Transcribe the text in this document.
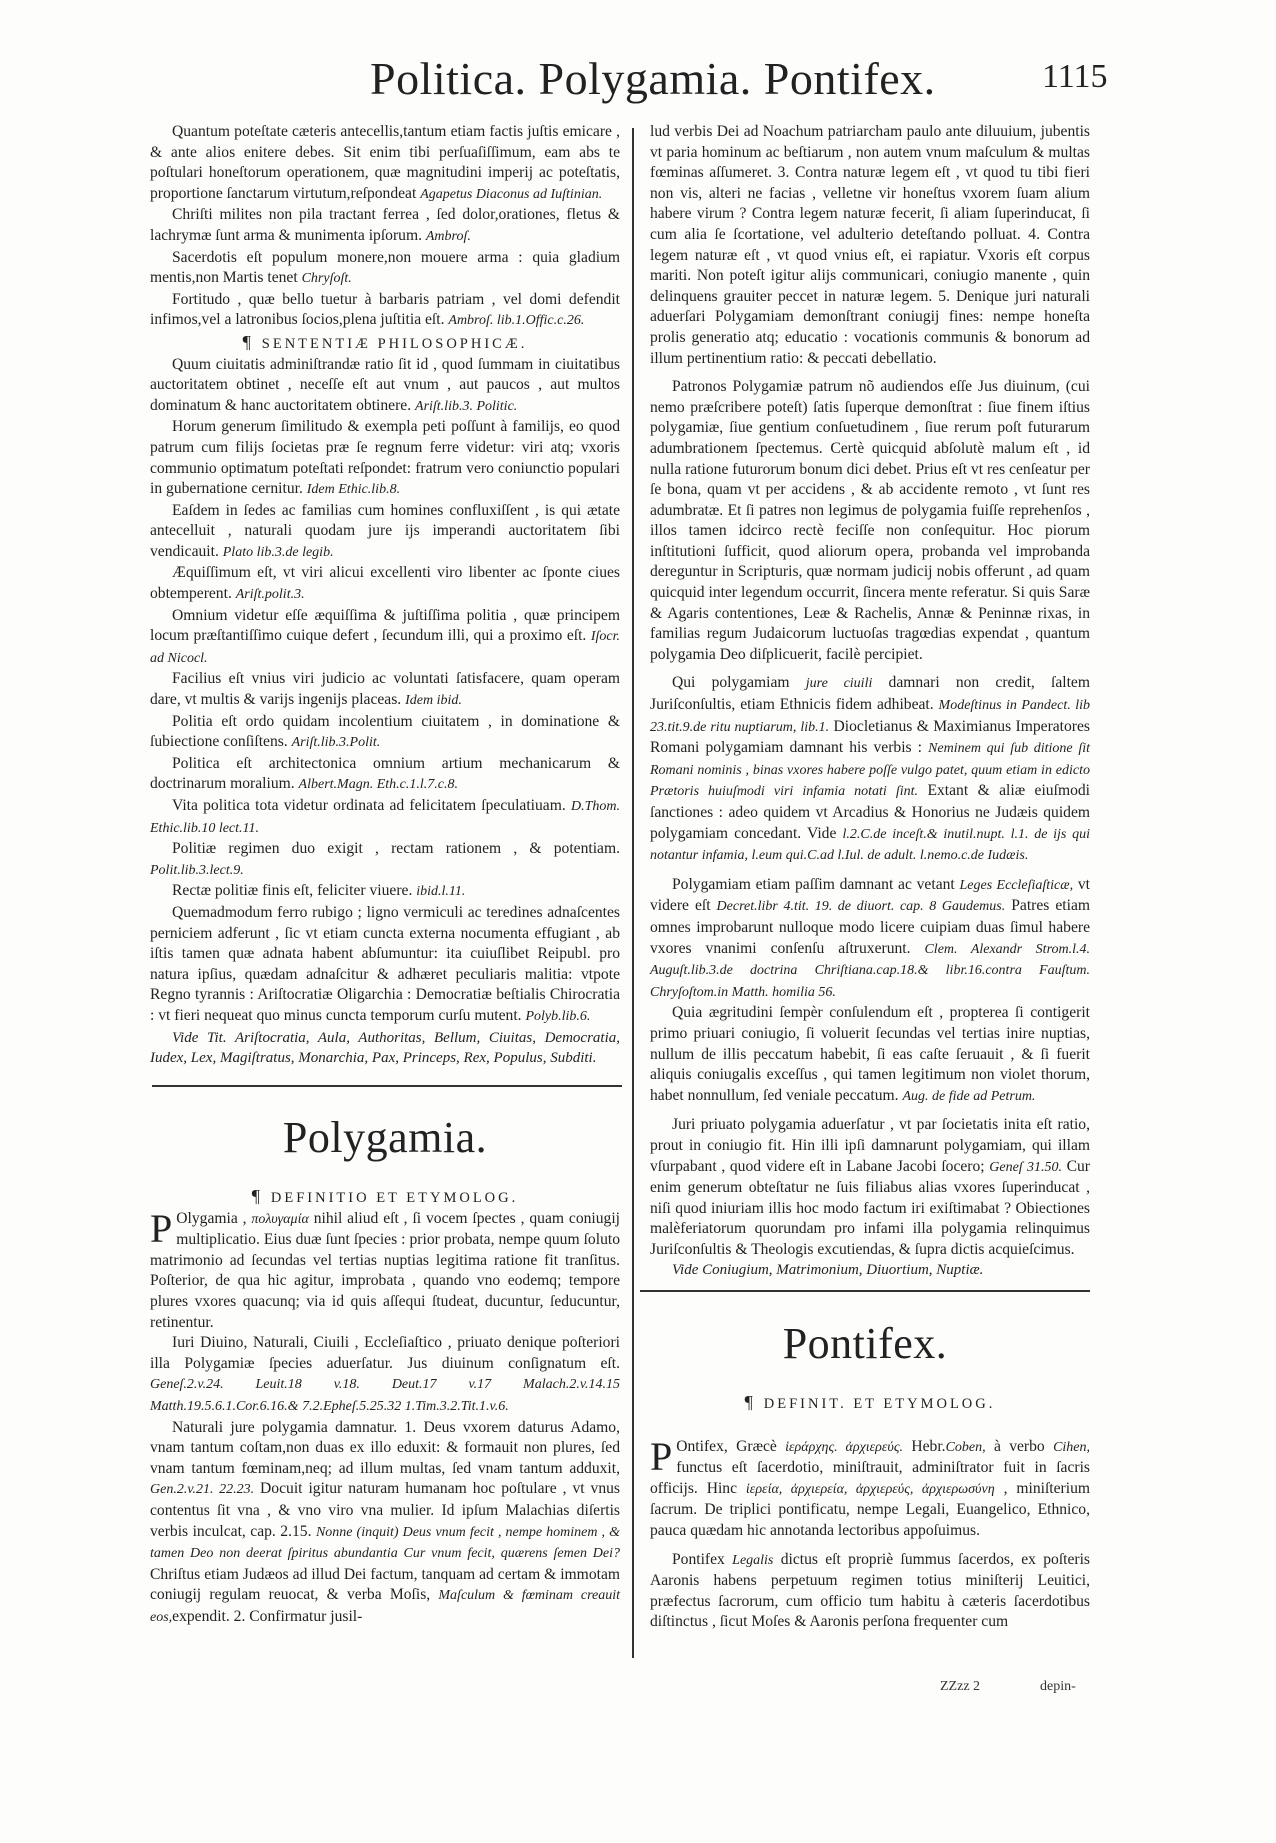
Politica. Polygamia. Pontifex.	1115

Quantum poteſtate cæteris antecellis,tantum etiam factis juſtis emicare , & ante alios enitere debes. Sit enim tibi perſuaſiſſimum, eam abs te poſtulari honeſtorum operationem, quæ magnitudini imperij ac poteſtatis, proportione ſanctarum virtutum,reſpondeat Agapetus Diaconus ad Iuſtinian.

Chriſti milites non pila tractant ferrea , ſed dolor,orationes, fletus & lachrymæ ſunt arma & munimenta ipſorum. Ambroſ.

Sacerdotis eſt populum monere,non mouere arma : quia gladium mentis,non Martis tenet Chryſoſt.

Fortitudo , quæ bello tuetur à barbaris patriam , vel domi defendit infimos,vel a latronibus ſocios,plena juſtitia eſt. Ambroſ. lib.1.Offic.c.26.

¶ SENTENTIÆ PHILOSOPHICÆ.

Quum ciuitatis adminiſtrandæ ratio ſit id , quod ſummam in ciuitatibus auctoritatem obtinet , neceſſe eſt aut vnum , aut paucos , aut multos dominatum & hanc auctoritatem obtinere. Ariſt.lib.3. Politic.

Horum generum ſimilitudo & exempla peti poſſunt à familijs, eo quod patrum cum filijs ſocietas præ ſe regnum ferre videtur: viri atq; vxoris communio optimatum poteſtati reſpondet: fratrum vero coniunctio populari in gubernatione cernitur. Idem Ethic.lib.8.

Eaſdem in ſedes ac familias cum homines confluxiſſent , is qui ætate antecelluit , naturali quodam jure ijs imperandi auctoritatem ſibi vendicauit. Plato lib.3.de legib.

Æquiſſimum eſt, vt viri alicui excellenti viro libenter ac ſponte ciues obtemperent. Ariſt.polit.3.

Omnium videtur eſſe æquiſſima & juſtiſſima politia , quæ principem locum præſtantiſſimo cuique defert , ſecundum illi, qui a proximo eſt. Iſocr. ad Nicocl.

Facilius eſt vnius viri judicio ac voluntati ſatisfacere, quam operam dare, vt multis & varijs ingenijs placeas. Idem ibid.

Politia eſt ordo quidam incolentium ciuitatem , in dominatione & ſubiectione conſiſtens. Ariſt.lib.3.Polit.

Politica eſt architectonica omnium artium mechanicarum & doctrinarum moralium. Albert.Magn. Eth.c.1.l.7.c.8.

Vita politica tota videtur ordinata ad felicitatem ſpeculatiuam. D.Thom. Ethic.lib.10 lect.11.

Politiæ regimen duo exigit , rectam rationem , & potentiam. Polit.lib.3.lect.9.

Rectæ politiæ finis eſt, feliciter viuere. ibid.l.11.

Quemadmodum ferro rubigo ; ligno vermiculi ac teredines adnaſcentes perniciem adferunt , ſic vt etiam cuncta externa nocumenta effugiant , ab iſtis tamen quæ adnata habent abſumuntur: ita cuiuſlibet Reipubl. pro natura ipſius, quædam adnaſcitur & adhæret peculiaris malitia: vtpote Regno tyrannis : Ariſtocratiæ Oligarchia : Democratiæ beſtialis Chirocratia : vt fieri nequeat quo minus cuncta temporum curſu mutent. Polyb.lib.6.

Vide Tit. Ariſtocratia, Aula, Authoritas, Bellum, Ciuitas, Democratia, Iudex, Lex, Magiſtratus, Monarchia, Pax, Princeps, Rex, Populus, Subditi.

Polygamia.

¶ DEFINITIO ET ETYMOLOG.

P Olygamia , πολυγαμία nihil aliud eſt , ſi vocem ſpectes , quam coniugij multiplicatio. Eius duæ ſunt ſpecies : prior probata, nempe quum ſoluto matrimonio ad ſecundas vel tertias nuptias legitima ratione fit tranſitus. Poſterior, de qua hic agitur, improbata , quando vno eodemq; tempore plures vxores quacunq; via id quis aſſequi ſtudeat, ducuntur, ſeducuntur, retinentur.

Iuri Diuino, Naturali, Ciuili , Eccleſiaſtico , priuato denique poſteriori illa Polygamiæ ſpecies aduerſatur. Jus diuinum conſignatum eſt. Geneſ.2.v.24. Leuit.18 v.18. Deut.17 v.17 Malach.2.v.14.15 Matth.19.5.6.1.Cor.6.16.& 7.2.Epheſ.5.25.32 1.Tim.3.2.Tit.1.v.6.

Naturali jure polygamia damnatur. 1. Deus vxorem daturus Adamo, vnam tantum coſtam,non duas ex illo eduxit: & formauit non plures, ſed vnam tantum fœminam,neq; ad illum multas, ſed vnam tantum adduxit, Gen.2.v.21. 22.23. Docuit igitur naturam humanam hoc poſtulare , vt vnus contentus ſit vna , & vno viro vna mulier. Id ipſum Malachias diſertis verbis inculcat, cap. 2.15. Nonne (inquit) Deus vnum fecit , nempe hominem , & tamen Deo non deerat ſpiritus abundantia Cur vnum fecit, quærens ſemen Dei? Chriſtus etiam Judæos ad illud Dei factum, tanquam ad certam & immotam coniugij regulam reuocat, & verba Moſis, Maſculum & fœminam creauit eos,expendit. 2. Confirmatur jusil-

lud verbis Dei ad Noachum patriarcham paulo ante diluuium, jubentis vt paria hominum ac beſtiarum , non autem vnum maſculum & multas fœminas aſſumeret. 3. Contra naturæ legem eſt , vt quod tu tibi fieri non vis, alteri ne facias , velletne vir honeſtus vxorem ſuam alium habere virum ? Contra legem naturæ fecerit, ſi aliam ſuperinducat, ſi cum alia ſe ſcortatione, vel adulterio deteſtando polluat. 4. Contra legem naturæ eſt , vt quod vnius eſt, ei rapiatur. Vxoris eſt corpus mariti. Non poteſt igitur alijs communicari, coniugio manente , quin delinquens grauiter peccet in naturæ legem. 5. Denique juri naturali aduerſari Polygamiam demonſtrant coniugij fines: nempe honeſta prolis generatio atq; educatio : vocationis communis & bonorum ad illum pertinentium ratio: & peccati debellatio.

Patronos Polygamiæ patrum nõ audiendos eſſe Jus diuinum, (cui nemo præſcribere poteſt) ſatis ſuperque demonſtrat : ſiue finem iſtius polygamiæ, ſiue gentium conſuetudinem , ſiue rerum poſt futurarum adumbrationem ſpectemus. Certè quicquid abſolutè malum eſt , id nulla ratione futurorum bonum dici debet. Prius eſt vt res cenſeatur per ſe bona, quam vt per accidens , & ab accidente remoto , vt ſunt res adumbratæ. Et ſi patres non legimus de polygamia fuiſſe reprehenſos , illos tamen idcirco rectè feciſſe non conſequitur. Hoc piorum inſtitutioni ſufficit, quod aliorum opera, probanda vel improbanda dereguntur in Scripturis, quæ normam judicij nobis offerunt , ad quam quicquid inter legendum occurrit, ſincera mente referatur. Si quis Saræ & Agaris contentiones, Leæ & Rachelis, Annæ & Peninnæ rixas, in familias regum Judaicorum luctuoſas tragœdias expendat , quantum polygamia Deo diſplicuerit, facilè percipiet.

Qui polygamiam jure ciuili damnari non credit, ſaltem Juriſconſultis, etiam Ethnicis fidem adhibeat. Modeſtinus in Pandect. lib 23.tit.9.de ritu nuptiarum, lib.1. Diocletianus & Maximianus Imperatores Romani polygamiam damnant his verbis : Neminem qui ſub ditione ſit Romani nominis , binas vxores habere poſſe vulgo patet, quum etiam in edicto Prætoris huiuſmodi viri infamia notati ſint. Extant & aliæ eiuſmodi ſanctiones : adeo quidem vt Arcadius & Honorius ne Judæis quidem polygamiam concedant. Vide l.2.C.de inceſt.& inutil.nupt. l.1. de ijs qui notantur infamia, l.eum qui.C.ad l.Iul. de adult. l.nemo.c.de Iudæis.

Polygamiam etiam paſſim damnant ac vetant Leges Eccleſiaſticæ, vt videre eſt Decret.libr 4.tit. 19. de diuort. cap. 8 Gaudemus. Patres etiam omnes improbarunt nulloque modo licere cuipiam duas ſimul habere vxores vnanimi conſenſu aſtruxerunt. Clem. Alexandr Strom.l.4. Auguſt.lib.3.de doctrina Chriſtiana.cap.18.& libr.16.contra Fauſtum. Chryſoſtom.in Matth. homilia 56.

Quia ægritudini ſempèr conſulendum eſt , propterea ſi contigerit primo priuari coniugio, ſi voluerit ſecundas vel tertias inire nuptias, nullum de illis peccatum habebit, ſi eas caſte ſeruauit , & ſi fuerit aliquis coniugalis exceſſus , qui tamen legitimum non violet thorum, habet nonnullum, ſed veniale peccatum. Aug. de fide ad Petrum.

Juri priuato polygamia aduerſatur , vt par ſocietatis inita eſt ratio, prout in coniugio fit. Hin illi ipſi damnarunt polygamiam, qui illam vſurpabant , quod videre eſt in Labane Jacobi ſocero; Geneſ 31.50. Cur enim generum obteſtatur ne ſuis filiabus alias vxores ſuperinducat , niſi quod iniuriam illis hoc modo factum iri exiſtimabat ? Obiectiones malèferiatorum quorundam pro infami illa polygamia relinquimus Juriſconſultis & Theologis excutiendas, & ſupra dictis acquieſcimus.

Vide Coniugium, Matrimonium, Diuortium, Nuptiæ.

Pontifex.

¶ DEFINIT. ET ETYMOLOG.

P Ontifex, Græcè ἱεράρχης. ἀρχιερεύς. Hebr.Coben, à verbo Cihen, functus eſt ſacerdotio, miniſtrauit, adminiſtrator fuit in ſacris officijs. Hinc ἱερεία, ἀρχιερεία, ἀρχιερεύς, ἀρχιερωσύνη , miniſterium ſacrum. De triplici pontificatu, nempe Legali, Euangelico, Ethnico, pauca quædam hic annotanda lectoribus appoſuimus.

Pontifex Legalis dictus eſt propriè ſummus ſacerdos, ex poſteris Aaronis habens perpetuum regimen totius miniſterij Leuitici, præfectus ſacrorum, cum officio tum habitu à cæteris ſacerdotibus diſtinctus , ſicut Moſes & Aaronis perſona frequenter cum

ZZzz 2	depin-
